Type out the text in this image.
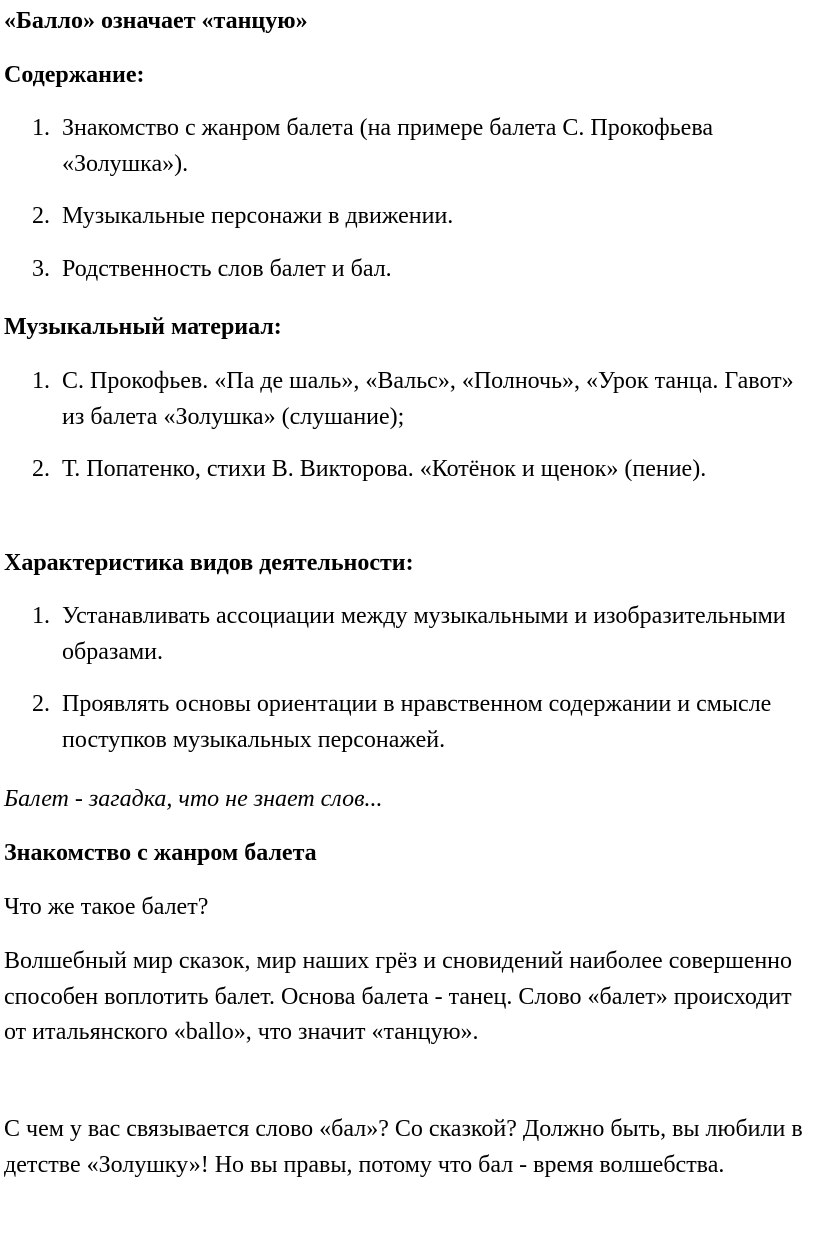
«Балло» означает «танцую»

Содержание:

1. Знакомство с жанром балета (на примере балета С. Прокофьева «Золушка»).
2. Музыкальные персонажи в движении.
3. Родственность слов балет и бал.

Музыкальный материал:

1. С. Прокофьев. «Па де шаль», «Вальс», «Полночь», «Урок танца. Гавот» из балета «Золушка» (слушание);
2. Т. Попатенко, стихи В. Викторова. «Котёнок и щенок» (пение).

Характеристика видов деятельности:

1. Устанавливать ассоциации между музыкальными и изобразительными образами.
2. Проявлять основы ориентации в нравственном содержании и смысле поступков музыкальных персонажей.

Балет - загадка, что не знает слов...

Знакомство с жанром балета

Что же такое балет?

Волшебный мир сказок, мир наших грёз и сновидений наиболее совершенно способен воплотить балет. Основа балета - танец. Слово «балет» происходит от итальянского «ballo», что значит «танцую».

С чем у вас связывается слово «бал»? Со сказкой? Должно быть, вы любили в детстве «Золушку»! Но вы правы, потому что бал - время волшебства.
